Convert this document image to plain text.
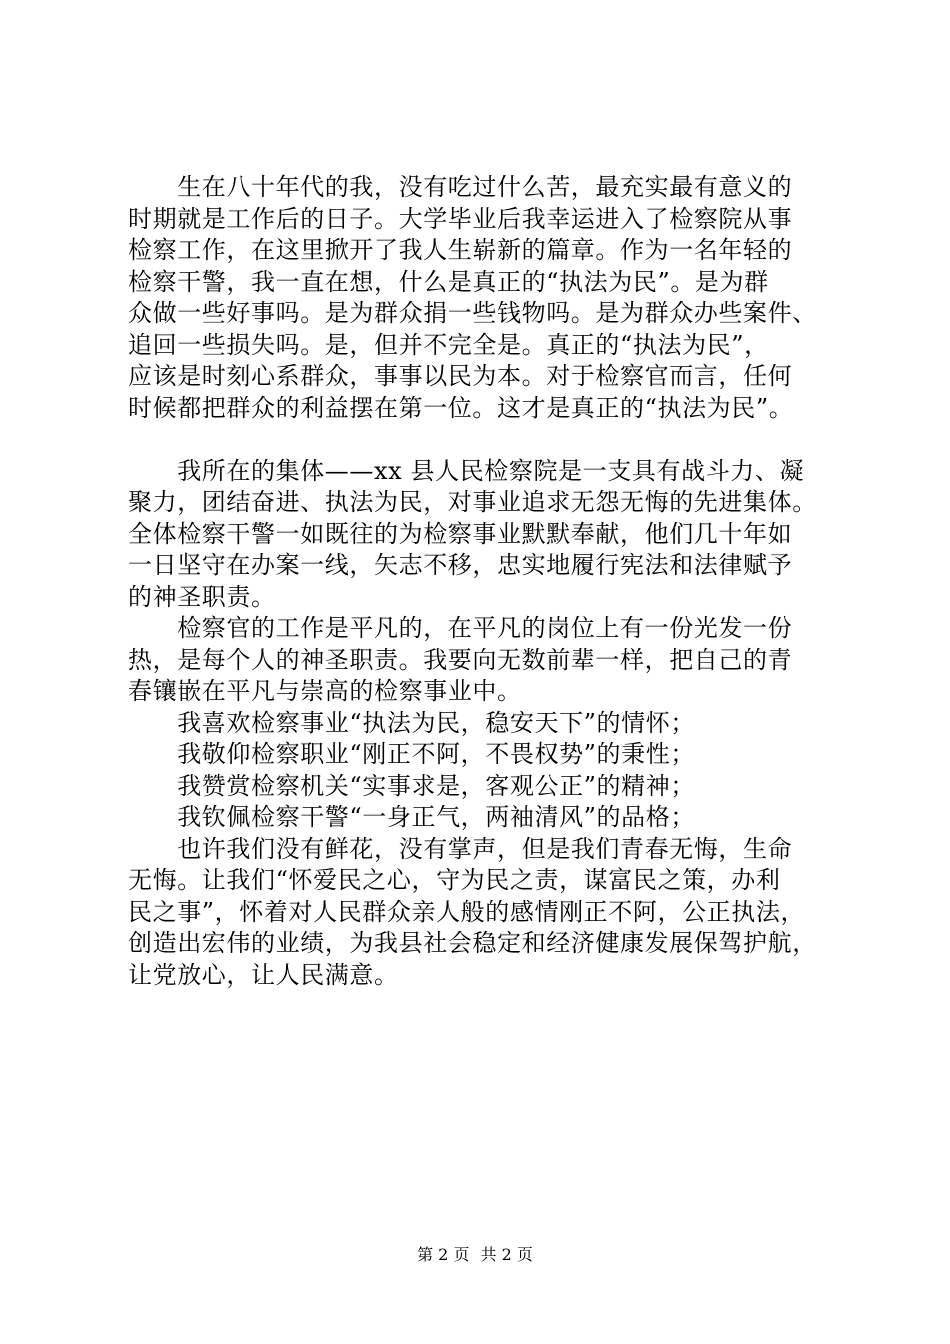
　　生在八十年代的我，没有吃过什么苦，最充实最有意义的
时期就是工作后的日子。大学毕业后我幸运进入了检察院从事
检察工作，在这里掀开了我人生崭新的篇章。作为一名年轻的
检察干警，我一直在想，什么是真正的“执法为民”。是为群
众做一些好事吗。是为群众捐一些钱物吗。是为群众办些案件、
追回一些损失吗。是，但并不完全是。真正的“执法为民”，
应该是时刻心系群众，事事以民为本。对于检察官而言，任何
时候都把群众的利益摆在第一位。这才是真正的“执法为民”。
　　我所在的集体——xx 县人民检察院是一支具有战斗力、凝
聚力，团结奋进、执法为民，对事业追求无怨无悔的先进集体。
全体检察干警一如既往的为检察事业默默奉献，他们几十年如
一日坚守在办案一线，矢志不移，忠实地履行宪法和法律赋予
的神圣职责。
　　检察官的工作是平凡的，在平凡的岗位上有一份光发一份
热，是每个人的神圣职责。我要向无数前辈一样，把自己的青
春镶嵌在平凡与崇高的检察事业中。
　　我喜欢检察事业“执法为民，稳安天下”的情怀；
　　我敬仰检察职业“刚正不阿，不畏权势”的秉性；
　　我赞赏检察机关“实事求是，客观公正”的精神；
　　我钦佩检察干警“一身正气，两袖清风”的品格；
　　也许我们没有鲜花，没有掌声，但是我们青春无悔，生命
无悔。让我们“怀爱民之心，守为民之责，谋富民之策，办利
民之事”，怀着对人民群众亲人般的感情刚正不阿，公正执法，
创造出宏伟的业绩，为我县社会稳定和经济健康发展保驾护航，
让党放心，让人民满意。
第 2 页 共 2 页
